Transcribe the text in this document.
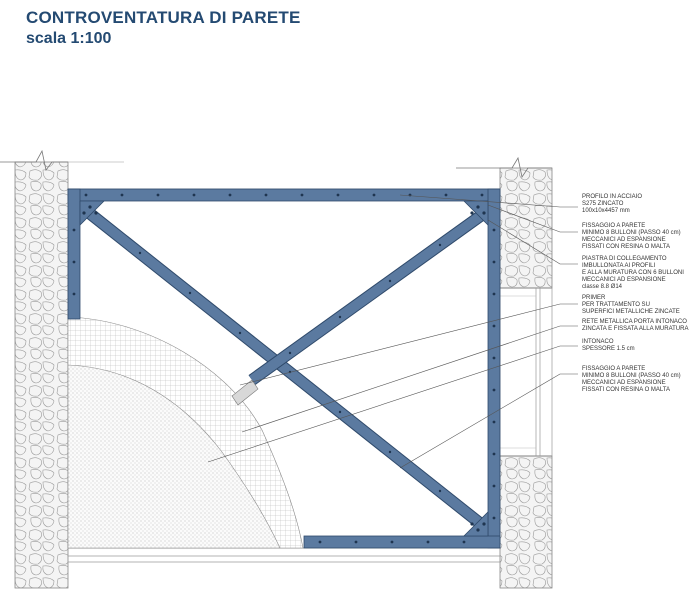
CONTROVENTATURA DI PARETE
scala 1:100
PROFILO IN ACCIAIO
S275 ZINCATO
100x10x4457 mm
FISSAGGIO A PARETE
MINIMO 8 BULLONI (PASSO 40 cm)
MECCANICI AD ESPANSIONE
FISSATI CON RESINA O MALTA
PIASTRA DI COLLEGAMENTO
IMBULLONATA AI PROFILI
E ALLA MURATURA CON 6 BULLONI
MECCANICI AD ESPANSIONE
classe 8.8 Ø14
PRIMER
PER TRATTAMENTO SU
SUPERFICI METALLICHE ZINCATE
RETE METALLICA PORTA INTONACO
ZINCATA E FISSATA ALLA MURATURA
INTONACO
SPESSORE 1.5 cm
FISSAGGIO A PARETE
MINIMO 8 BULLONI (PASSO 40 cm)
MECCANICI AD ESPANSIONE
FISSATI CON RESINA O MALTA
